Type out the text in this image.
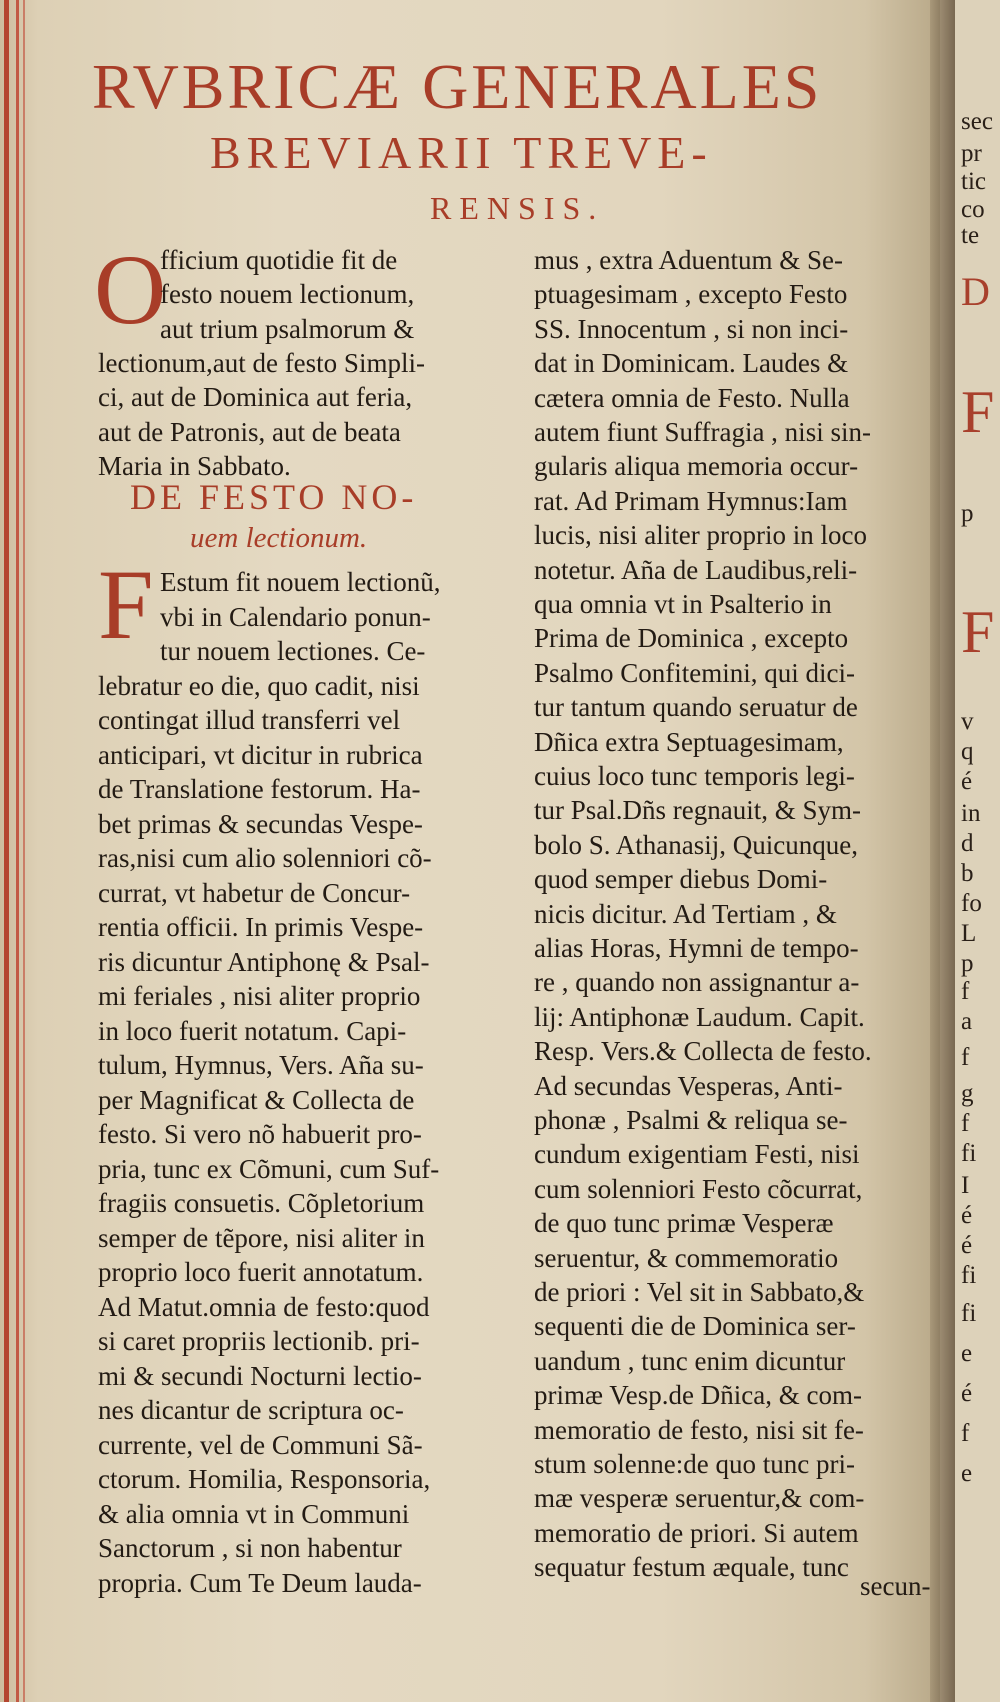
sec
pr
tic
co
te
D
F
p
F
v
q
é
in
d
b
fo
L
p
f
a
f
g
f
fi
I
é
é
fi
fi
e
é
f
e
RVBRICÆ GENERALES
BREVIARII TREVE-
RENSIS.
O
fficium quotidie fit de
festo nouem lectionum,
aut trium psalmorum &
lectionum,aut de festo Simpli-
ci, aut de Dominica aut feria,
aut de Patronis, aut de beata
Maria in Sabbato.
DE FESTO NO-
uem lectionum.
F Estum fit nouem lectionũ,
vbi in Calendario ponun-
tur nouem lectiones. Ce-
lebratur eo die, quo cadit, nisi
contingat illud transferri vel
anticipari, vt dicitur in rubrica
de Translatione festorum. Ha-
bet primas & secundas Vespe-
ras,nisi cum alio solenniori cõ-
currat, vt habetur de Concur-
rentia officii. In primis Vespe-
ris dicuntur Antiphonę & Psal-
mi feriales , nisi aliter proprio
in loco fuerit notatum. Capi-
tulum, Hymnus, Vers. Aña su-
per Magnificat & Collecta de
festo. Si vero nõ habuerit pro-
pria, tunc ex Cõmuni, cum Suf-
fragiis consuetis. Cõpletorium
semper de tẽpore, nisi aliter in
proprio loco fuerit annotatum.
Ad Matut.omnia de festo:quod
si caret propriis lectionib. pri-
mi & secundi Nocturni lectio-
nes dicantur de scriptura oc-
currente, vel de Communi Sã-
ctorum. Homilia, Responsoria,
& alia omnia vt in Communi
Sanctorum , si non habentur
propria. Cum Te Deum lauda-
mus , extra Aduentum & Se-
ptuagesimam , excepto Festo
SS. Innocentum , si non inci-
dat in Dominicam. Laudes &
cætera omnia de Festo. Nulla
autem fiunt Suffragia , nisi sin-
gularis aliqua memoria occur-
rat. Ad Primam Hymnus:Iam
lucis, nisi aliter proprio in loco
notetur. Aña de Laudibus,reli-
qua omnia vt in Psalterio in
Prima de Dominica , excepto
Psalmo Confitemini, qui dici-
tur tantum quando seruatur de
Dñica extra Septuagesimam,
cuius loco tunc temporis legi-
tur Psal.Dñs regnauit, & Sym-
bolo S. Athanasij, Quicunque,
quod semper diebus Domi-
nicis dicitur. Ad Tertiam , &
alias Horas, Hymni de tempo-
re , quando non assignantur a-
lij: Antiphonæ Laudum. Capit.
Resp. Vers.& Collecta de festo.
Ad secundas Vesperas, Anti-
phonæ , Psalmi & reliqua se-
cundum exigentiam Festi, nisi
cum solenniori Festo cõcurrat,
de quo tunc primæ Vesperæ
seruentur, & commemoratio
de priori : Vel sit in Sabbato,&
sequenti die de Dominica ser-
uandum , tunc enim dicuntur
primæ Vesp.de Dñica, & com-
memoratio de festo, nisi sit fe-
stum solenne:de quo tunc pri-
mæ vesperæ seruentur,& com-
memoratio de priori. Si autem
sequatur festum æquale, tunc
secun-
